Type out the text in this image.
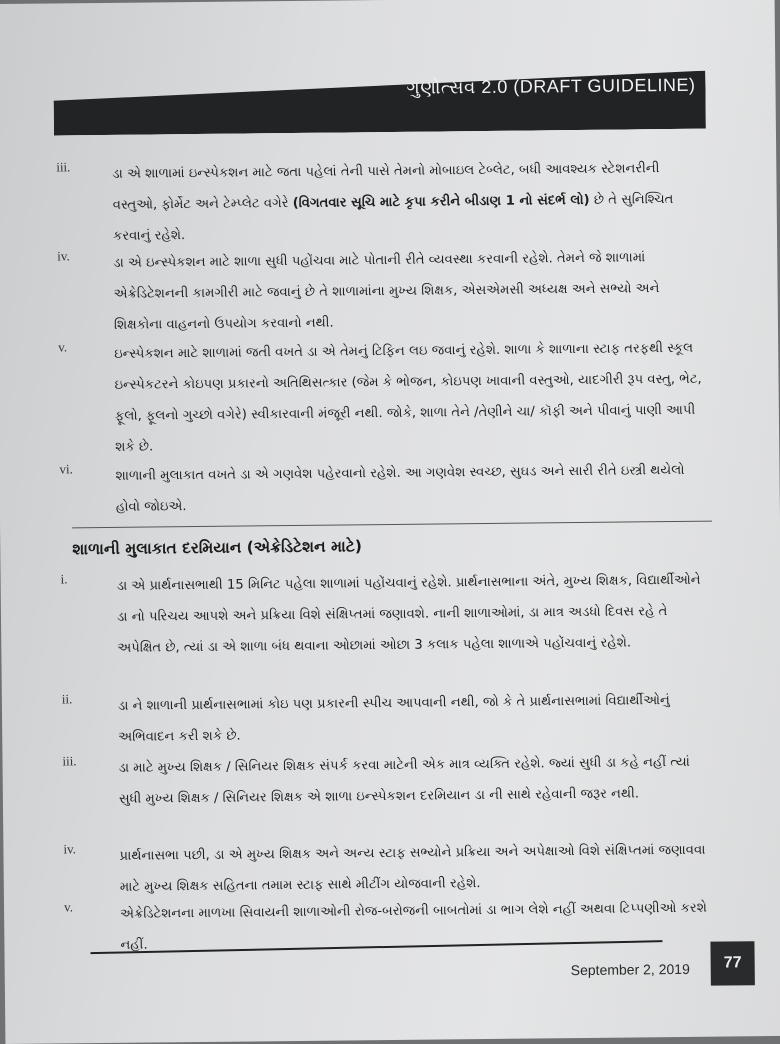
ગુણોત્સવ 2.0 (DRAFT GUIDELINE)
iii.	ડા એ શાળામાં ઇન્સ્પેકશન માટે જતા પહેલાં તેની પાસે તેમનો મોબાઇલ ટેબ્લેટ, બધી આવશ્યક સ્ટેશનરીની વસ્તુઓ, ફોર્મેટ અને ટેમ્પ્લેટ વગેરે (વિગતવાર સૂચિ માટે કૃપા કરીને બીડાણ 1 નો સંદર્ભ લો) છે તે સુનિશ્ચિત કરવાનું રહેશે.
iv.	ડા એ ઇન્સ્પેકશન માટે શાળા સુધી પહોંચવા માટે પોતાની રીતે વ્યવસ્થા કરવાની રહેશે. તેમને જે શાળામાં એક્રેડિટેશનની કામગીરી માટે જવાનું છે તે શાળામાંના મુખ્ય શિક્ષક, એસએમસી અધ્યક્ષ અને સભ્યો અને શિક્ષકોના વાહનનો ઉપયોગ કરવાનો નથી.
v.	ઇન્સ્પેકશન માટે શાળામાં જતી વખતે ડા એ તેમનું ટિફિન લઇ જવાનું રહેશે. શાળા કે શાળાના સ્ટાફ તરફથી સ્કૂલ ઇન્સ્પેકટરને કોઇપણ પ્રકારનો અતિથિસત્કાર (જેમ કે ભોજન, કોઇપણ ખાવાની વસ્તુઓ, યાદગીરી રૂપ વસ્તુ, ભેટ, ફૂલો, ફૂલનો ગુચ્છો વગેરે) સ્વીકારવાની મંજૂરી નથી. જોકે, શાળા તેને /તેણીને ચા/ કૉફી અને પીવાનું પાણી આપી શકે છે.
vi.	શાળાની મુલાકાત વખતે ડા એ ગણવેશ પહેરવાનો રહેશે. આ ગણવેશ સ્વચ્છ, સુઘડ અને સારી રીતે ઇસ્ત્રી થયેલો હોવો જોઇએ.
શાળાની મુલાકાત દરમિયાન (એક્રેડિટેશન માટે)
i.	ડા એ પ્રાર્થનાસભાથી 15 મિનિટ પહેલા શાળામાં પહોંચવાનું રહેશે. પ્રાર્થનાસભાના અંતે, મુખ્ય શિક્ષક, વિદ્યાર્થીઓને ડા નો પરિચય આપશે અને પ્રક્રિયા વિશે સંક્ષિપ્તમાં જણાવશે. નાની શાળાઓમાં, ડા માત્ર અડધો દિવસ રહે તે અપેક્ષિત છે, ત્યાં ડા એ શાળા બંધ થવાના ઓછામાં ઓછા 3 કલાક પહેલા શાળાએ પહોંચવાનું રહેશે.
ii.	ડા ને શાળાની પ્રાર્થનાસભામાં કોઇ પણ પ્રકારની સ્પીચ આપવાની નથી, જો કે તે પ્રાર્થનાસભામાં વિદ્યાર્થીઓનું અભિવાદન કરી શકે છે.
iii.	ડા માટે મુખ્ય શિક્ષક / સિનિયર શિક્ષક સંપર્ક કરવા માટેની એક માત્ર વ્યક્તિ રહેશે. જ્યાં સુધી ડા કહે નહીં ત્યાં સુધી મુખ્ય શિક્ષક / સિનિયર શિક્ષક એ શાળા ઇન્સ્પેકશન દરમિયાન ડા ની સાથે રહેવાની જરૂર નથી.
iv.	પ્રાર્થનાસભા પછી, ડા એ મુખ્ય શિક્ષક અને અન્ય સ્ટાફ સભ્યોને પ્રક્રિયા અને અપેક્ષાઓ વિશે સંક્ષિપ્તમાં જણાવવા માટે મુખ્ય શિક્ષક સહિતના તમામ સ્ટાફ સાથે મીટીંગ યોજવાની રહેશે.
v.	એક્રેડિટેશનના માળખા સિવાયની શાળાઓની રોજ-બરોજની બાબતોમાં ડા ભાગ લેશે નહીં અથવા ટિપ્પણીઓ કરશે નહીં.
September 2, 2019	77
